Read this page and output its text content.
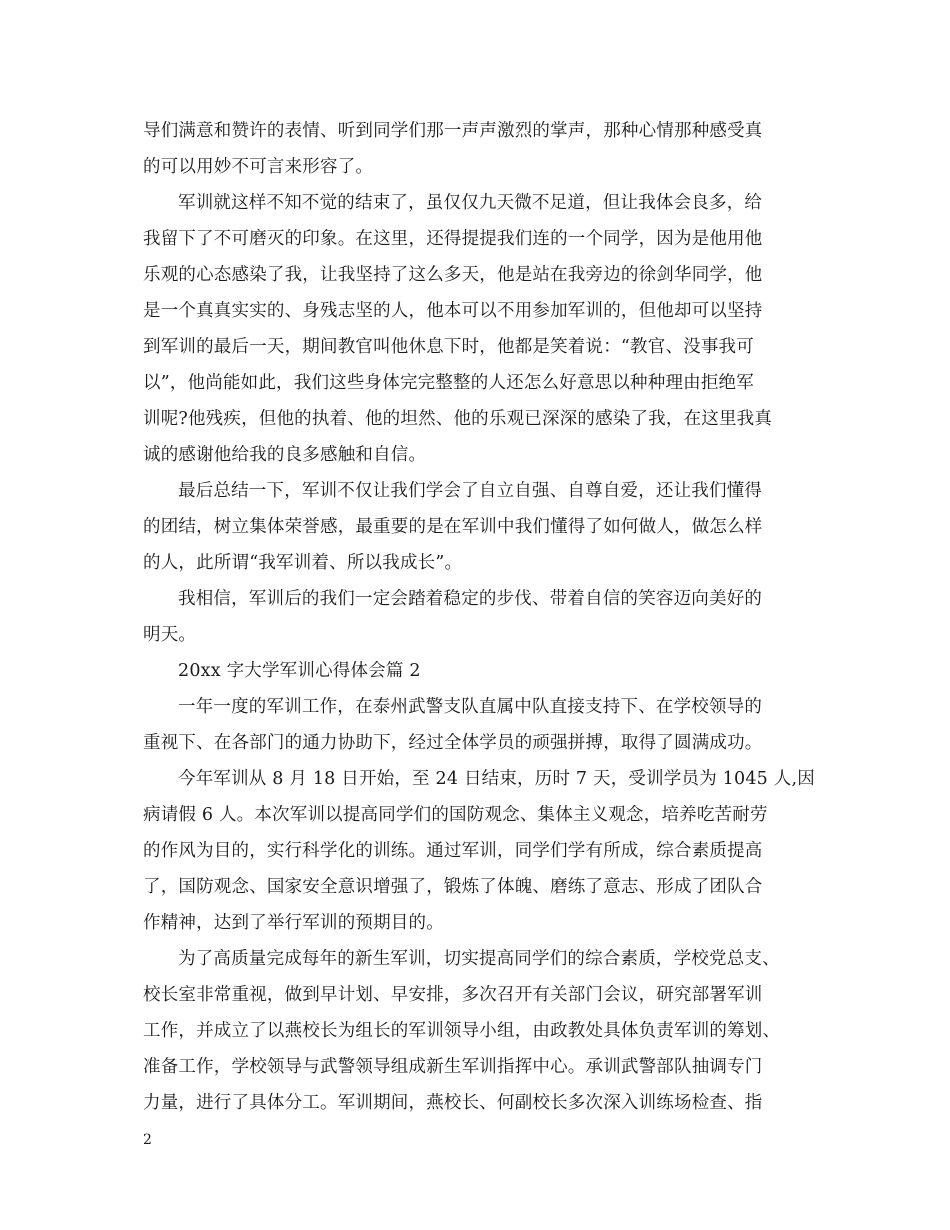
导们满意和赞许的表情、听到同学们那一声声激烈的掌声，那种心情那种感受真
的可以用妙不可言来形容了。
军训就这样不知不觉的结束了，虽仅仅九天微不足道，但让我体会良多，给
我留下了不可磨灭的印象。在这里，还得提提我们连的一个同学，因为是他用他
乐观的心态感染了我，让我坚持了这么多天，他是站在我旁边的徐剑华同学，他
是一个真真实实的、身残志坚的人，他本可以不用参加军训的，但他却可以坚持
到军训的最后一天，期间教官叫他休息下时，他都是笑着说：“教官、没事我可
以”，他尚能如此，我们这些身体完完整整的人还怎么好意思以种种理由拒绝军
训呢?他残疾，但他的执着、他的坦然、他的乐观已深深的感染了我，在这里我真
诚的感谢他给我的良多感触和自信。
最后总结一下，军训不仅让我们学会了自立自强、自尊自爱，还让我们懂得
的团结，树立集体荣誉感，最重要的是在军训中我们懂得了如何做人，做怎么样
的人，此所谓“我军训着、所以我成长”。
我相信，军训后的我们一定会踏着稳定的步伐、带着自信的笑容迈向美好的
明天。
20xx 字大学军训心得体会篇 2
一年一度的军训工作，在泰州武警支队直属中队直接支持下、在学校领导的
重视下、在各部门的通力协助下，经过全体学员的顽强拼搏，取得了圆满成功。
今年军训从 8 月 18 日开始，至 24 日结束，历时 7 天，受训学员为 1045 人,因
病请假 6 人。本次军训以提高同学们的国防观念、集体主义观念，培养吃苦耐劳
的作风为目的，实行科学化的训练。通过军训，同学们学有所成，综合素质提高
了，国防观念、国家安全意识增强了，锻炼了体魄、磨练了意志、形成了团队合
作精神，达到了举行军训的预期目的。
为了高质量完成每年的新生军训，切实提高同学们的综合素质，学校党总支、
校长室非常重视，做到早计划、早安排，多次召开有关部门会议，研究部署军训
工作，并成立了以燕校长为组长的军训领导小组，由政教处具体负责军训的筹划、
准备工作，学校领导与武警领导组成新生军训指挥中心。承训武警部队抽调专门
力量，进行了具体分工。军训期间，燕校长、何副校长多次深入训练场检查、指
2
